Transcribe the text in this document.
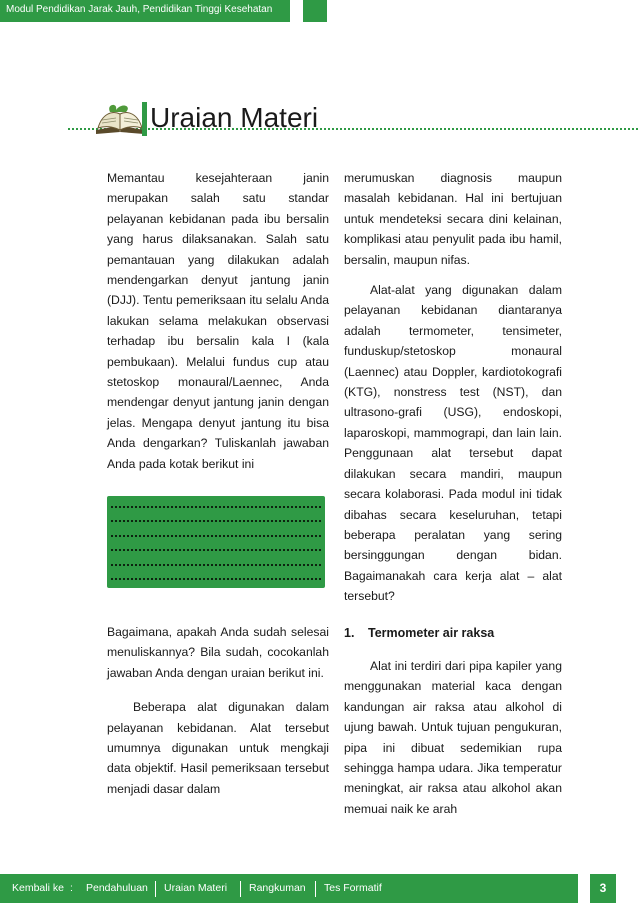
Modul Pendidikan Jarak Jauh, Pendidikan Tinggi Kesehatan
Uraian Materi

Memantau kesejahteraan janin merupakan salah satu standar pelayanan kebidanan pada ibu bersalin yang harus dilaksanakan. Salah satu pemantauan yang dilakukan adalah mendengarkan denyut jantung janin (DJJ). Tentu pemeriksaan itu selalu Anda lakukan selama melakukan observasi terhadap ibu bersalin kala I (kala pembukaan). Melalui fundus cup atau stetoskop monaural/Laennec, Anda mendengar denyut jantung janin dengan jelas. Mengapa denyut jantung itu bisa Anda dengarkan? Tuliskanlah jawaban Anda pada kotak berikut ini

Bagaimana, apakah Anda sudah selesai menuliskannya? Bila sudah, cocokanlah jawaban Anda dengan uraian berikut ini.

Beberapa alat digunakan dalam pelayanan kebidanan. Alat tersebut umumnya digunakan untuk mengkaji data objektif. Hasil pemeriksaan tersebut menjadi dasar dalam

merumuskan diagnosis maupun masalah kebidanan. Hal ini bertujuan untuk mendeteksi secara dini kelainan, komplikasi atau penyulit pada ibu hamil, bersalin, maupun nifas.

Alat-alat yang digunakan dalam pelayanan kebidanan diantaranya adalah termometer, tensimeter, funduskup/stetoskop monaural (Laennec) atau Doppler, kardiotokografi (KTG), nonstress test (NST), dan ultrasono-grafi (USG), endoskopi, laparoskopi, mammograpi, dan lain lain. Penggunaan alat tersebut dapat dilakukan secara mandiri, maupun secara kolaborasi. Pada modul ini tidak dibahas secara keseluruhan, tetapi beberapa peralatan yang sering bersinggungan dengan bidan. Bagaimanakah cara kerja alat – alat tersebut?

1. Termometer air raksa

Alat ini terdiri dari pipa kapiler yang menggunakan material kaca dengan kandungan air raksa atau alkohol di ujung bawah. Untuk tujuan pengukuran, pipa ini dibuat sedemikian rupa sehingga hampa udara. Jika temperatur meningkat, air raksa atau alkohol akan memuai naik ke arah

Kembali ke : Pendahuluan Uraian Materi Rangkuman Tes Formatif	3
